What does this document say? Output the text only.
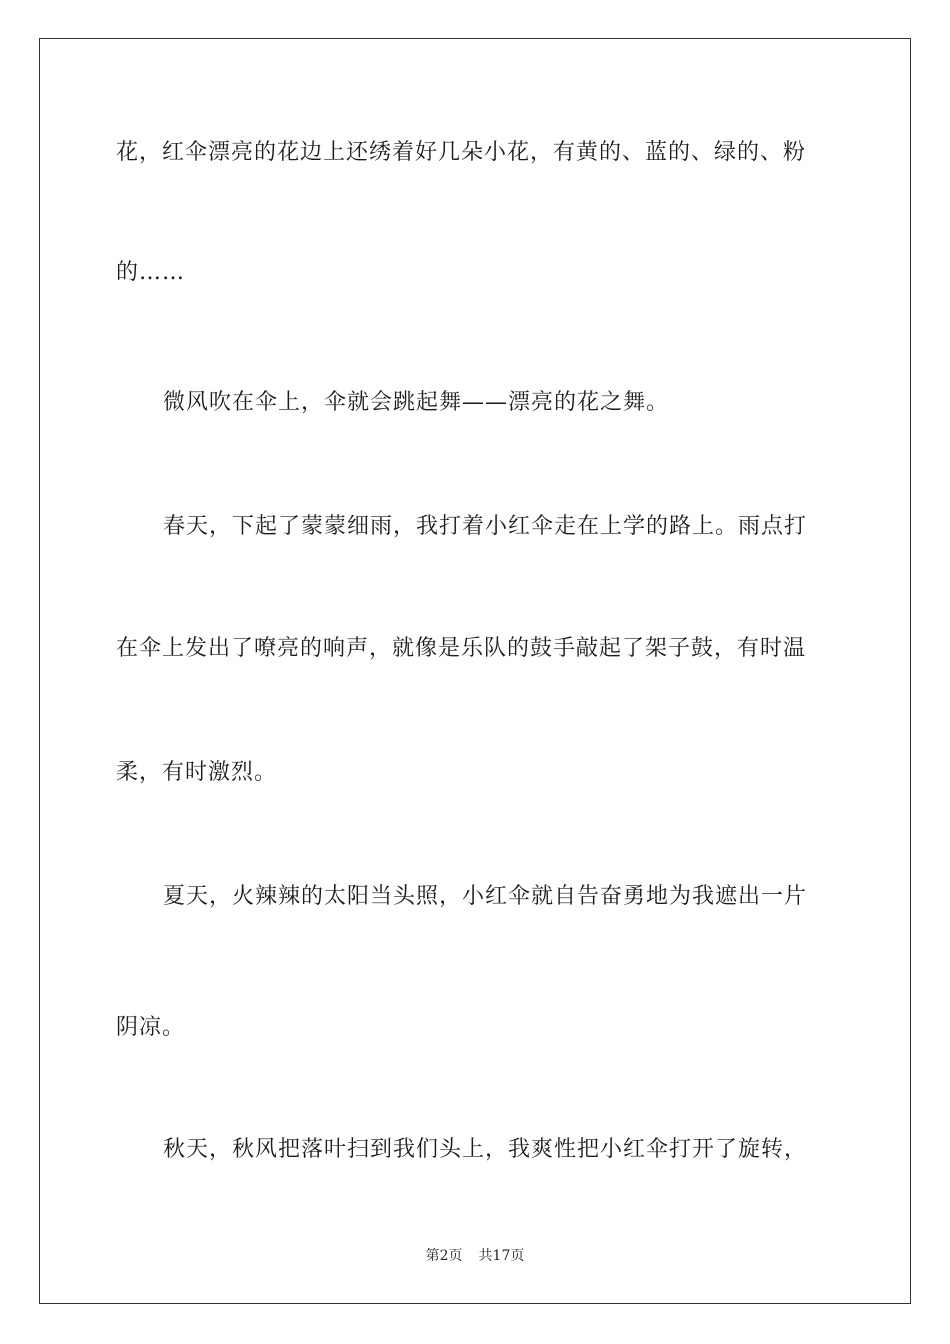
花，红伞漂亮的花边上还绣着好几朵小花，有黄的、蓝的、绿的、粉
的……
微风吹在伞上，伞就会跳起舞——漂亮的花之舞。
春天，下起了蒙蒙细雨，我打着小红伞走在上学的路上。雨点打
在伞上发出了嘹亮的响声，就像是乐队的鼓手敲起了架子鼓，有时温
柔，有时激烈。
夏天，火辣辣的太阳当头照，小红伞就自告奋勇地为我遮出一片
阴凉。
秋天，秋风把落叶扫到我们头上，我爽性把小红伞打开了旋转，
第2页 共17页
